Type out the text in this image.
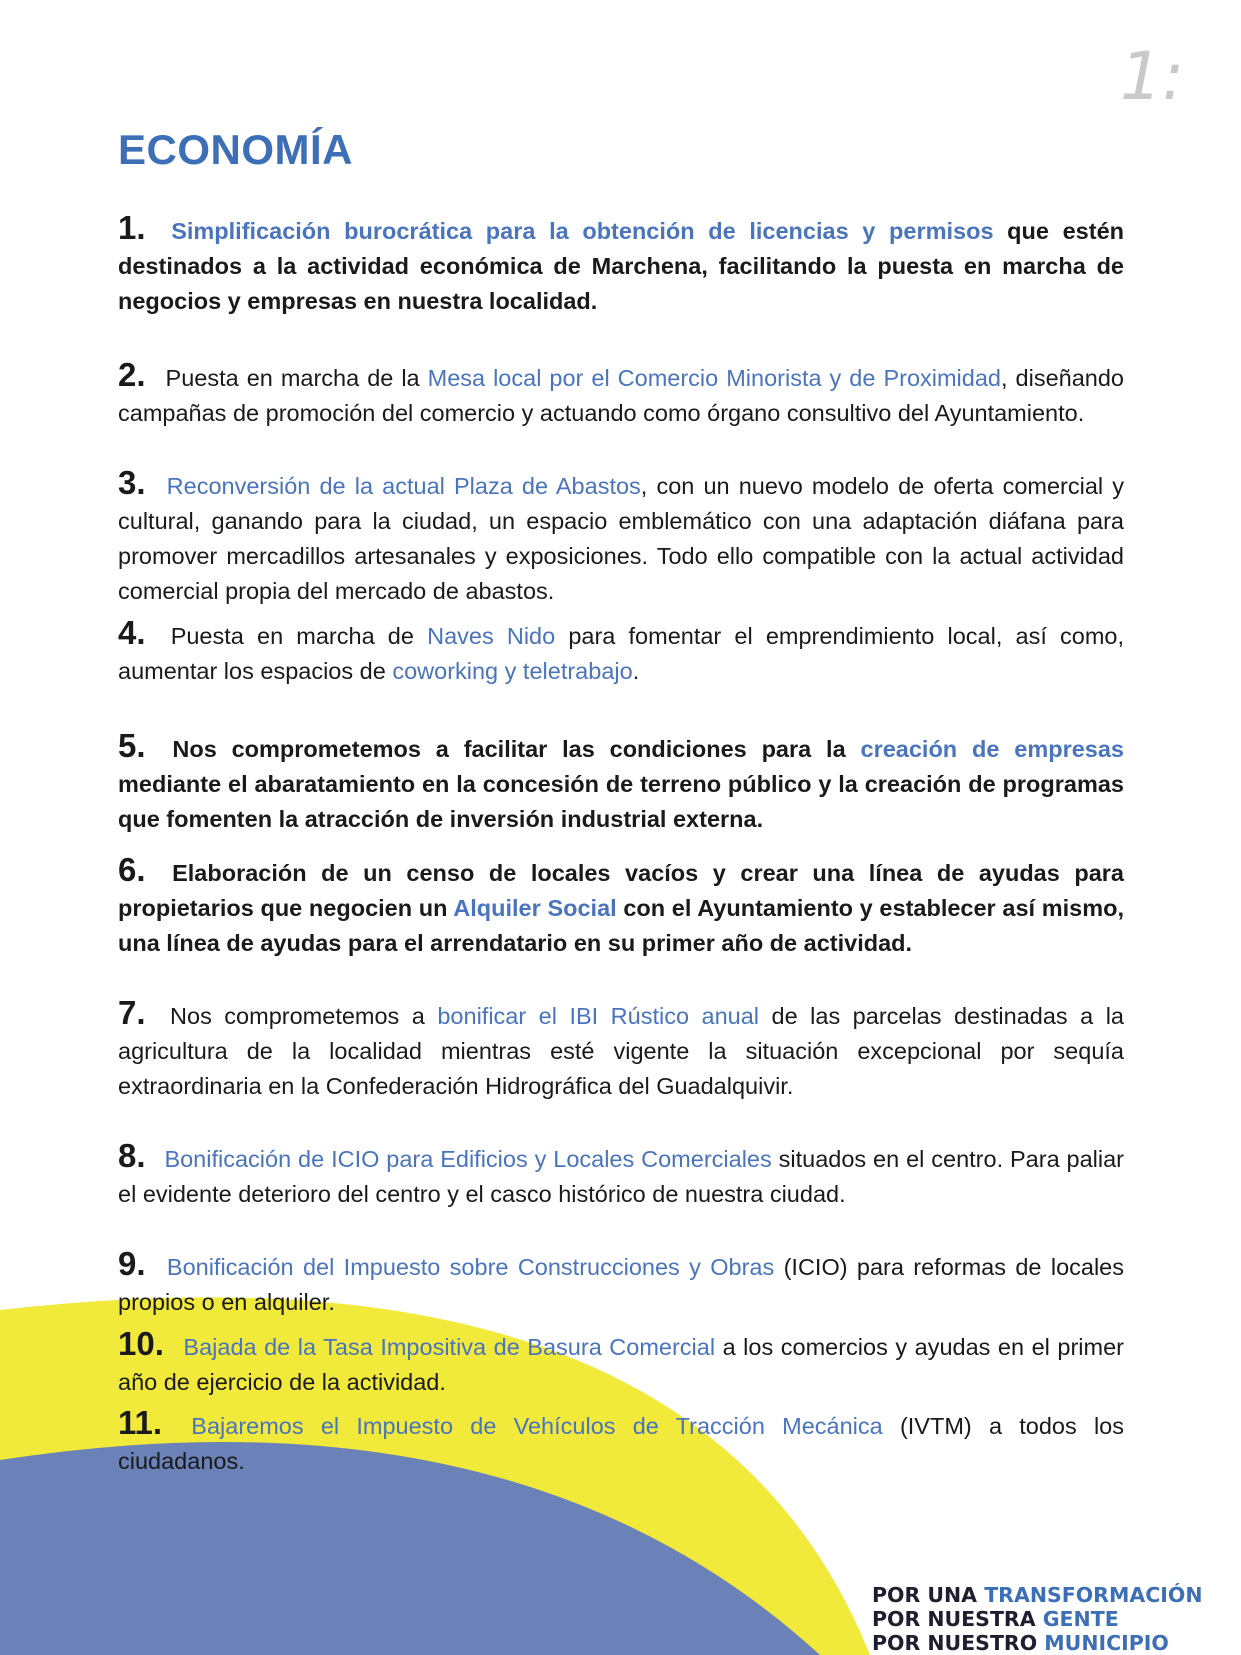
1:
ECONOMÍA

1. Simplificación burocrática para la obtención de licencias y permisos que estén destinados a la actividad económica de Marchena, facilitando la puesta en marcha de negocios y empresas en nuestra localidad.

2. Puesta en marcha de la Mesa local por el Comercio Minorista y de Proximidad, diseñando campañas de promoción del comercio y actuando como órgano consultivo del Ayuntamiento.

3. Reconversión de la actual Plaza de Abastos, con un nuevo modelo de oferta comercial y cultural, ganando para la ciudad, un espacio emblemático con una adaptación diáfana para promover mercadillos artesanales y exposiciones. Todo ello compatible con la actual actividad comercial propia del mercado de abastos.

4. Puesta en marcha de Naves Nido para fomentar el emprendimiento local, así como, aumentar los espacios de coworking y teletrabajo.

5. Nos comprometemos a facilitar las condiciones para la creación de empresas mediante el abaratamiento en la concesión de terreno público y la creación de programas que fomenten la atracción de inversión industrial externa.

6. Elaboración de un censo de locales vacíos y crear una línea de ayudas para propietarios que negocien un Alquiler Social con el Ayuntamiento y establecer así mismo, una línea de ayudas para el arrendatario en su primer año de actividad.

7. Nos comprometemos a bonificar el IBI Rústico anual de las parcelas destinadas a la agricultura de la localidad mientras esté vigente la situación excepcional por sequía extraordinaria en la Confederación Hidrográfica del Guadalquivir.

8. Bonificación de ICIO para Edificios y Locales Comerciales situados en el centro. Para paliar el evidente deterioro del centro y el casco histórico de nuestra ciudad.

9. Bonificación del Impuesto sobre Construcciones y Obras (ICIO) para reformas de locales propios o en alquiler.

10. Bajada de la Tasa Impositiva de Basura Comercial a los comercios y ayudas en el primer año de ejercicio de la actividad.

11. Bajaremos el Impuesto de Vehículos de Tracción Mecánica (IVTM) a todos los ciudadanos.

POR UNA TRANSFORMACIÓN
POR NUESTRA GENTE
POR NUESTRO MUNICIPIO
